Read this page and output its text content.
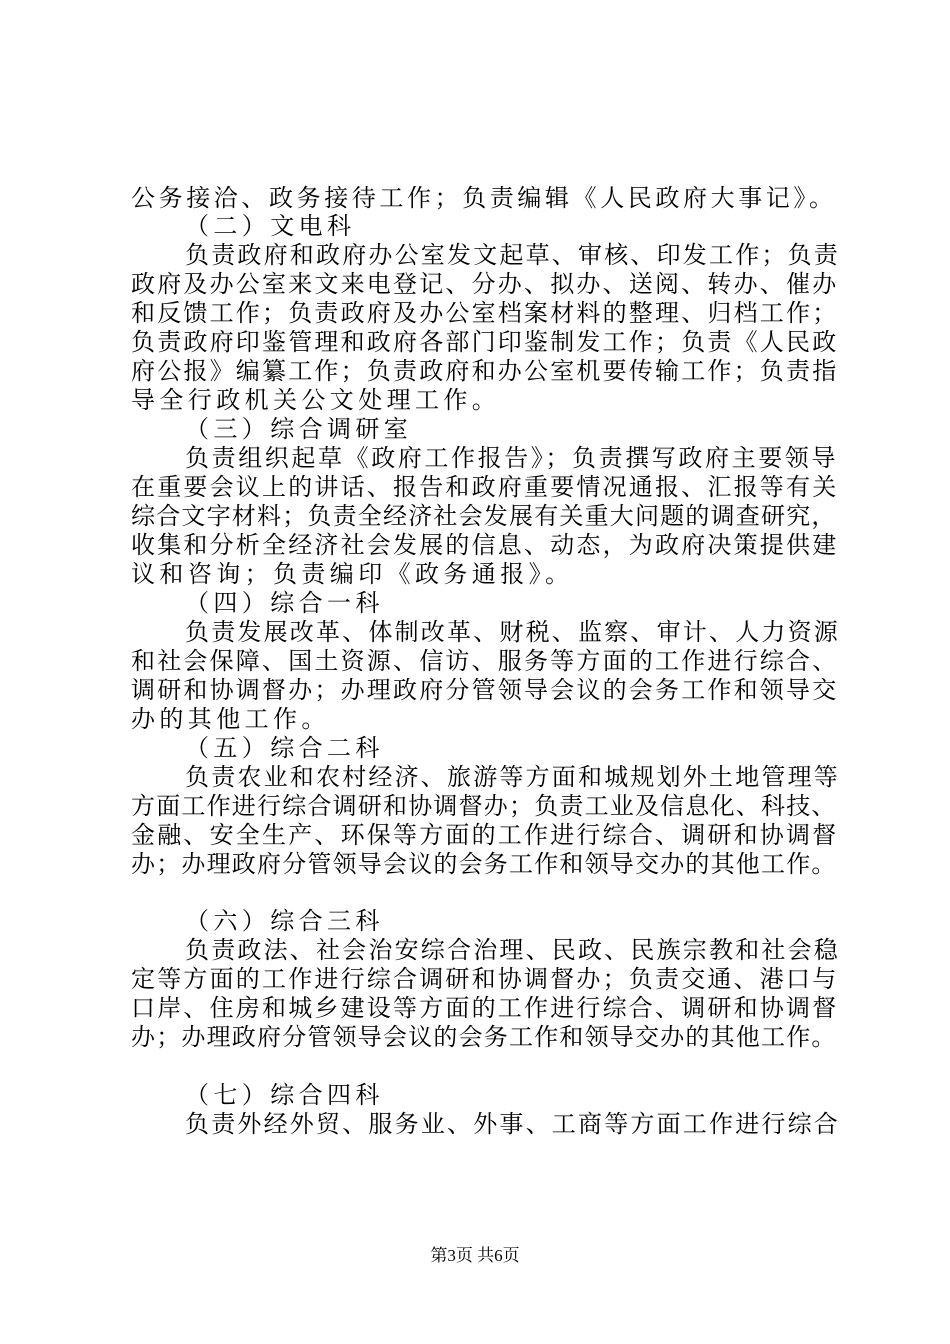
公务接洽、政务接待工作；负责编辑《人民政府大事记》。
（二）文电科
负责政府和政府办公室发文起草、审核、印发工作；负责
政府及办公室来文来电登记、分办、拟办、送阅、转办、催办
和反馈工作；负责政府及办公室档案材料的整理、归档工作；
负责政府印鉴管理和政府各部门印鉴制发工作；负责《人民政
府公报》编纂工作；负责政府和办公室机要传输工作；负责指
导全行政机关公文处理工作。
（三）综合调研室
负责组织起草《政府工作报告》；负责撰写政府主要领导
在重要会议上的讲话、报告和政府重要情况通报、汇报等有关
综合文字材料；负责全经济社会发展有关重大问题的调查研究，
收集和分析全经济社会发展的信息、动态，为政府决策提供建
议和咨询；负责编印《政务通报》。
（四）综合一科
负责发展改革、体制改革、财税、监察、审计、人力资源
和社会保障、国土资源、信访、服务等方面的工作进行综合、
调研和协调督办；办理政府分管领导会议的会务工作和领导交
办的其他工作。
（五）综合二科
负责农业和农村经济、旅游等方面和城规划外土地管理等
方面工作进行综合调研和协调督办；负责工业及信息化、科技、
金融、安全生产、环保等方面的工作进行综合、调研和协调督
办；办理政府分管领导会议的会务工作和领导交办的其他工作。
（六）综合三科
负责政法、社会治安综合治理、民政、民族宗教和社会稳
定等方面的工作进行综合调研和协调督办；负责交通、港口与
口岸、住房和城乡建设等方面的工作进行综合、调研和协调督
办；办理政府分管领导会议的会务工作和领导交办的其他工作。
（七）综合四科
负责外经外贸、服务业、外事、工商等方面工作进行综合
第3页 共6页
